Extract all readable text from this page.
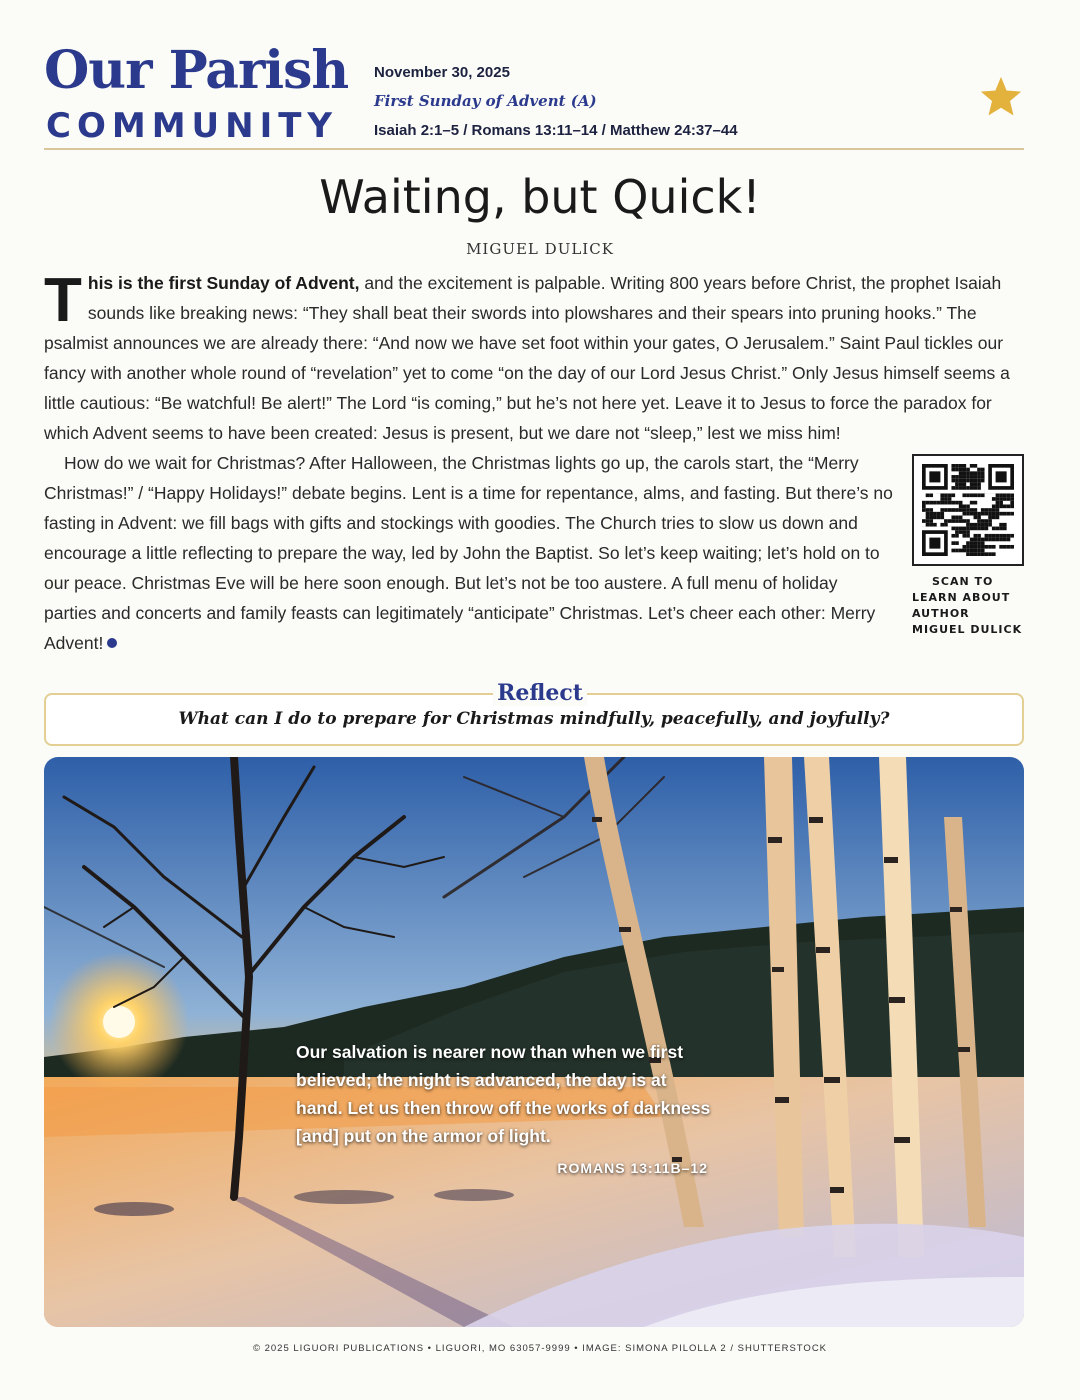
Our Parish
COMMUNITY
November 30, 2025
First Sunday of Advent (A)
Isaiah 2:1–5 / Romans 13:11–14 / Matthew 24:37–44
Waiting, but Quick!
MIGUEL DULICK

This is the first Sunday of Advent, and the excitement is palpable. Writing 800 years before Christ, the prophet Isaiah sounds like breaking news: “They shall beat their swords into plowshares and their spears into pruning hooks.” The psalmist announces we are already there: “And now we have set foot within your gates, O Jerusalem.” Saint Paul tickles our fancy with another whole round of “revelation” yet to come “on the day of our Lord Jesus Christ.” Only Jesus himself seems a little cautious: “Be watchful! Be alert!” The Lord “is coming,” but he’s not here yet. Leave it to Jesus to force the paradox for which Advent seems to have been created: Jesus is present, but we dare not “sleep,” lest we miss him!

SCAN TO LEARN ABOUT AUTHOR MIGUEL DULICK
How do we wait for Christmas? After Halloween, the Christmas lights go up, the carols start, the “Merry Christmas!” / “Happy Holidays!” debate begins. Lent is a time for repentance, alms, and fasting. But there’s no fasting in Advent: we fill bags with gifts and stockings with goodies. The Church tries to slow us down and encourage a little reflecting to prepare the way, led by John the Baptist. So let’s keep waiting; let’s hold on to our peace. Christmas Eve will be here soon enough. But let’s not be too austere. A full menu of holiday parties and concerts and family feasts can legitimately “anticipate” Christmas. Let’s cheer each other: Merry Advent!

Reflect
What can I do to prepare for Christmas mindfully, peacefully, and joyfully?
Our salvation is nearer now than when we first believed; the night is advanced, the day is at hand. Let us then throw off the works of darkness [and] put on the armor of light.
ROMANS 13:11B–12
© 2025 LIGUORI PUBLICATIONS • LIGUORI, MO 63057-9999 • IMAGE: SIMONA PILOLLA 2 / SHUTTERSTOCK
